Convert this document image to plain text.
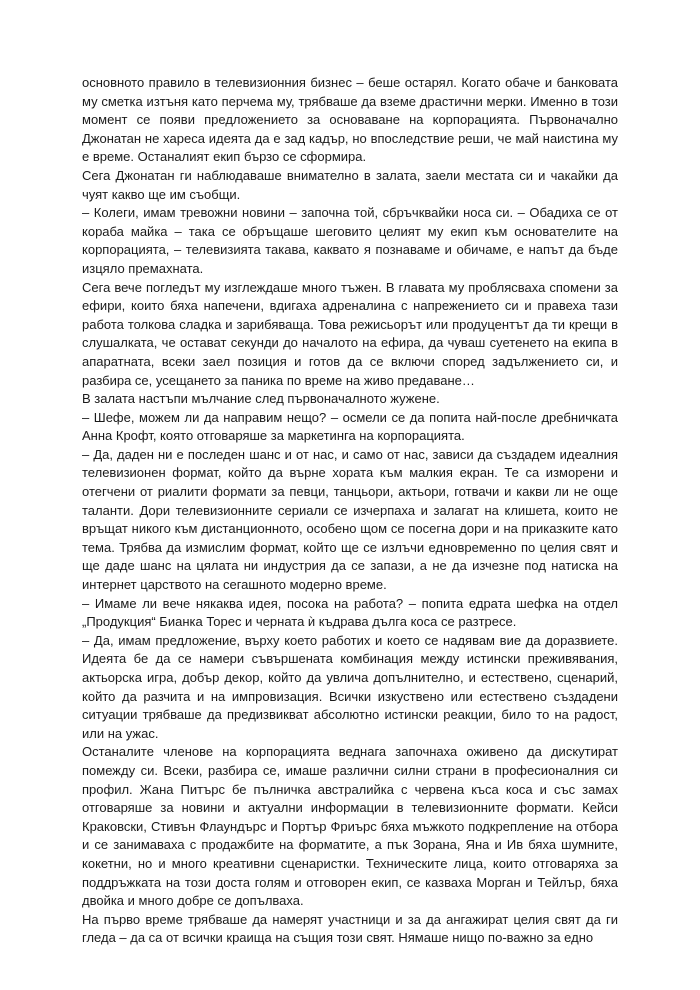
основното правило в телевизионния бизнес – беше остарял. Когато обаче и банковата му сметка изтъня като перчема му, трябваше да вземе драстични мерки. Именно в този момент се появи предложението за основаване на корпорацията. Първоначално Джонатан не хареса идеята да е зад кадър, но впоследствие реши, че май наистина му е време. Останалият екип бързо се сформира.

Сега Джонатан ги наблюдаваше внимателно в залата, заели местата си и чакайки да чуят какво ще им съобщи.

– Колеги, имам тревожни новини – започна той, сбръчквайки носа си. – Обадиха се от кораба майка – така се обръщаше шеговито целият му екип към основателите на корпорацията, – телевизията такава, каквато я познаваме и обичаме, е напът да бъде изцяло премахната.

Сега вече погледът му изглеждаше много тъжен. В главата му проблясваха спомени за ефири, които бяха напечени, вдигаха адреналина с напрежението си и правеха тази работа толкова сладка и зарибяваща. Това режисьорът или продуцентът да ти крещи в слушалката, че остават секунди до началото на ефира, да чуваш суетенето на екипа в апаратната, всеки заел позиция и готов да се включи според задължението си, и разбира се, усещането за паника по време на живо предаване…

В залата настъпи мълчание след първоначалното жужене.

– Шефе, можем ли да направим нещо? – осмели се да попита най-после дребничката Анна Крофт, която отговаряше за маркетинга на корпорацията.

– Да, даден ни е последен шанс и от нас, и само от нас, зависи да създадем идеалния телевизионен формат, който да върне хората към малкия екран. Те са изморени и отегчени от риалити формати за певци, танцьори, актьори, готвачи и какви ли не още таланти. Дори телевизионните сериали се изчерпаха и залагат на клишета, които не връщат никого към дистанционното, особено щом се посегна дори и на приказките като тема. Трябва да измислим формат, който ще се излъчи едновременно по целия свят и ще даде шанс на цялата ни индустрия да се запази, а не да изчезне под натиска на интернет царството на сегашното модерно време.

– Имаме ли вече някаква идея, посока на работа? – попита едрата шефка на отдел „Продукция“ Бианка Торес и черната ѝ къдрава дълга коса се разтресе.

– Да, имам предложение, върху което работих и което се надявам вие да доразвиете. Идеята бе да се намери съвършената комбинация между истински преживявания, актьорска игра, добър декор, който да увлича допълнително, и естествено, сценарий, който да разчита и на импровизация. Всички изкуствено или естествено създадени ситуации трябваше да предизвикват абсолютно истински реакции, било то на радост, или на ужас.

Останалите членове на корпорацията веднага започнаха оживено да дискутират помежду си. Всеки, разбира се, имаше различни силни страни в професионалния си профил. Жана Питърс бе пълничка австралийка с червена къса коса и със замах отговаряше за новини и актуални информации в телевизионните формати. Кейси Краковски, Стивън Флаундърс и Портър Фриърс бяха мъжкото подкрепление на отбора и се занимаваха с продажбите на форматите, а пък Зорана, Яна и Ив бяха шумните, кокетни, но и много креативни сценаристки. Техническите лица, които отговаряха за поддръжката на този доста голям и отговорен екип, се казваха Морган и Тейлър, бяха двойка и много добре се допълваха.

На първо време трябваше да намерят участници и за да ангажират целия свят да ги гледа – да са от всички краища на същия този свят. Нямаше нищо по-важно за едно
